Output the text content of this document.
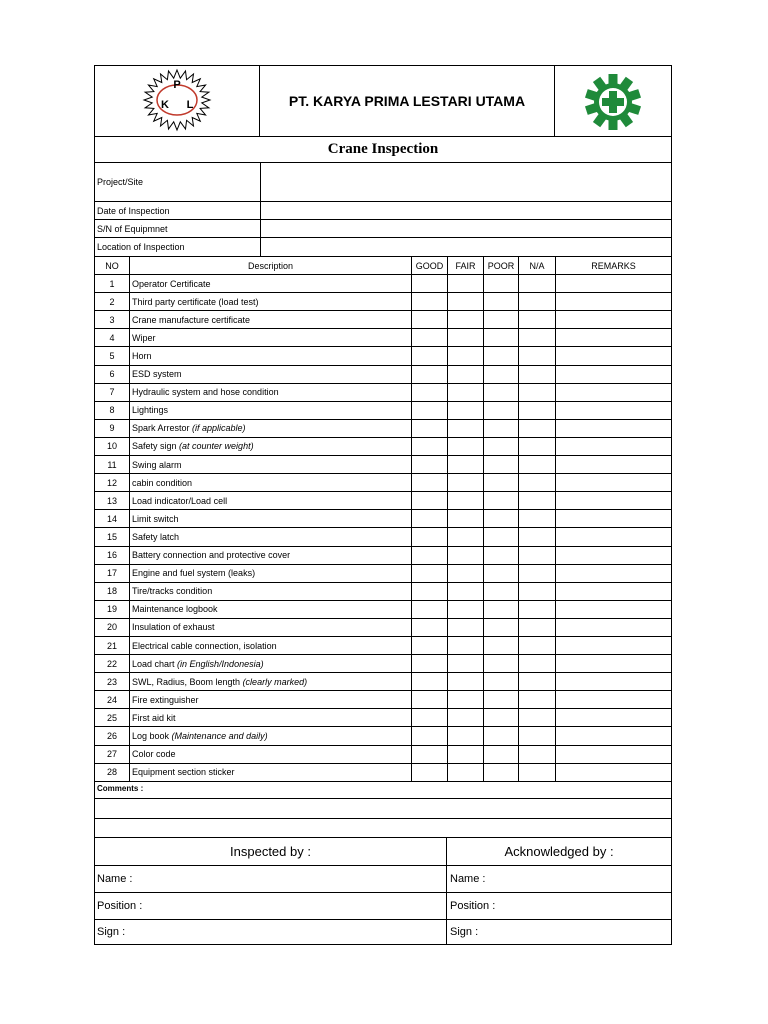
P
K L	PT. KARYA PRIMA LESTARI UTAMA
Crane Inspection
Project/Site
Date of Inspection
S/N of Equipmnet
Location of Inspection
NO	Description	GOOD	FAIR	POOR	N/A	REMARKS
1	Operator Certificate
2	Third party certificate (load test)
3	Crane manufacture certificate
4	Wiper
5	Horn
6	ESD system
7	Hydraulic system and hose condition
8	Lightings
9	Spark Arrestor (if applicable)
10	Safety sign (at counter weight)
11	Swing alarm
12	cabin condition
13	Load indicator/Load cell
14	Limit switch
15	Safety latch
16	Battery connection and protective cover
17	Engine and fuel system (leaks)
18	Tire/tracks condition
19	Maintenance logbook
20	Insulation of exhaust
21	Electrical cable connection, isolation
22	Load chart (in English/Indonesia)
23	SWL, Radius, Boom length (clearly marked)
24	Fire extinguisher
25	First aid kit
26	Log book (Maintenance and daily)
27	Color code
28	Equipment section sticker
Comments :
Inspected by :	Acknowledged by :
Name :	Name :
Position :	Position :
Sign :	Sign :
